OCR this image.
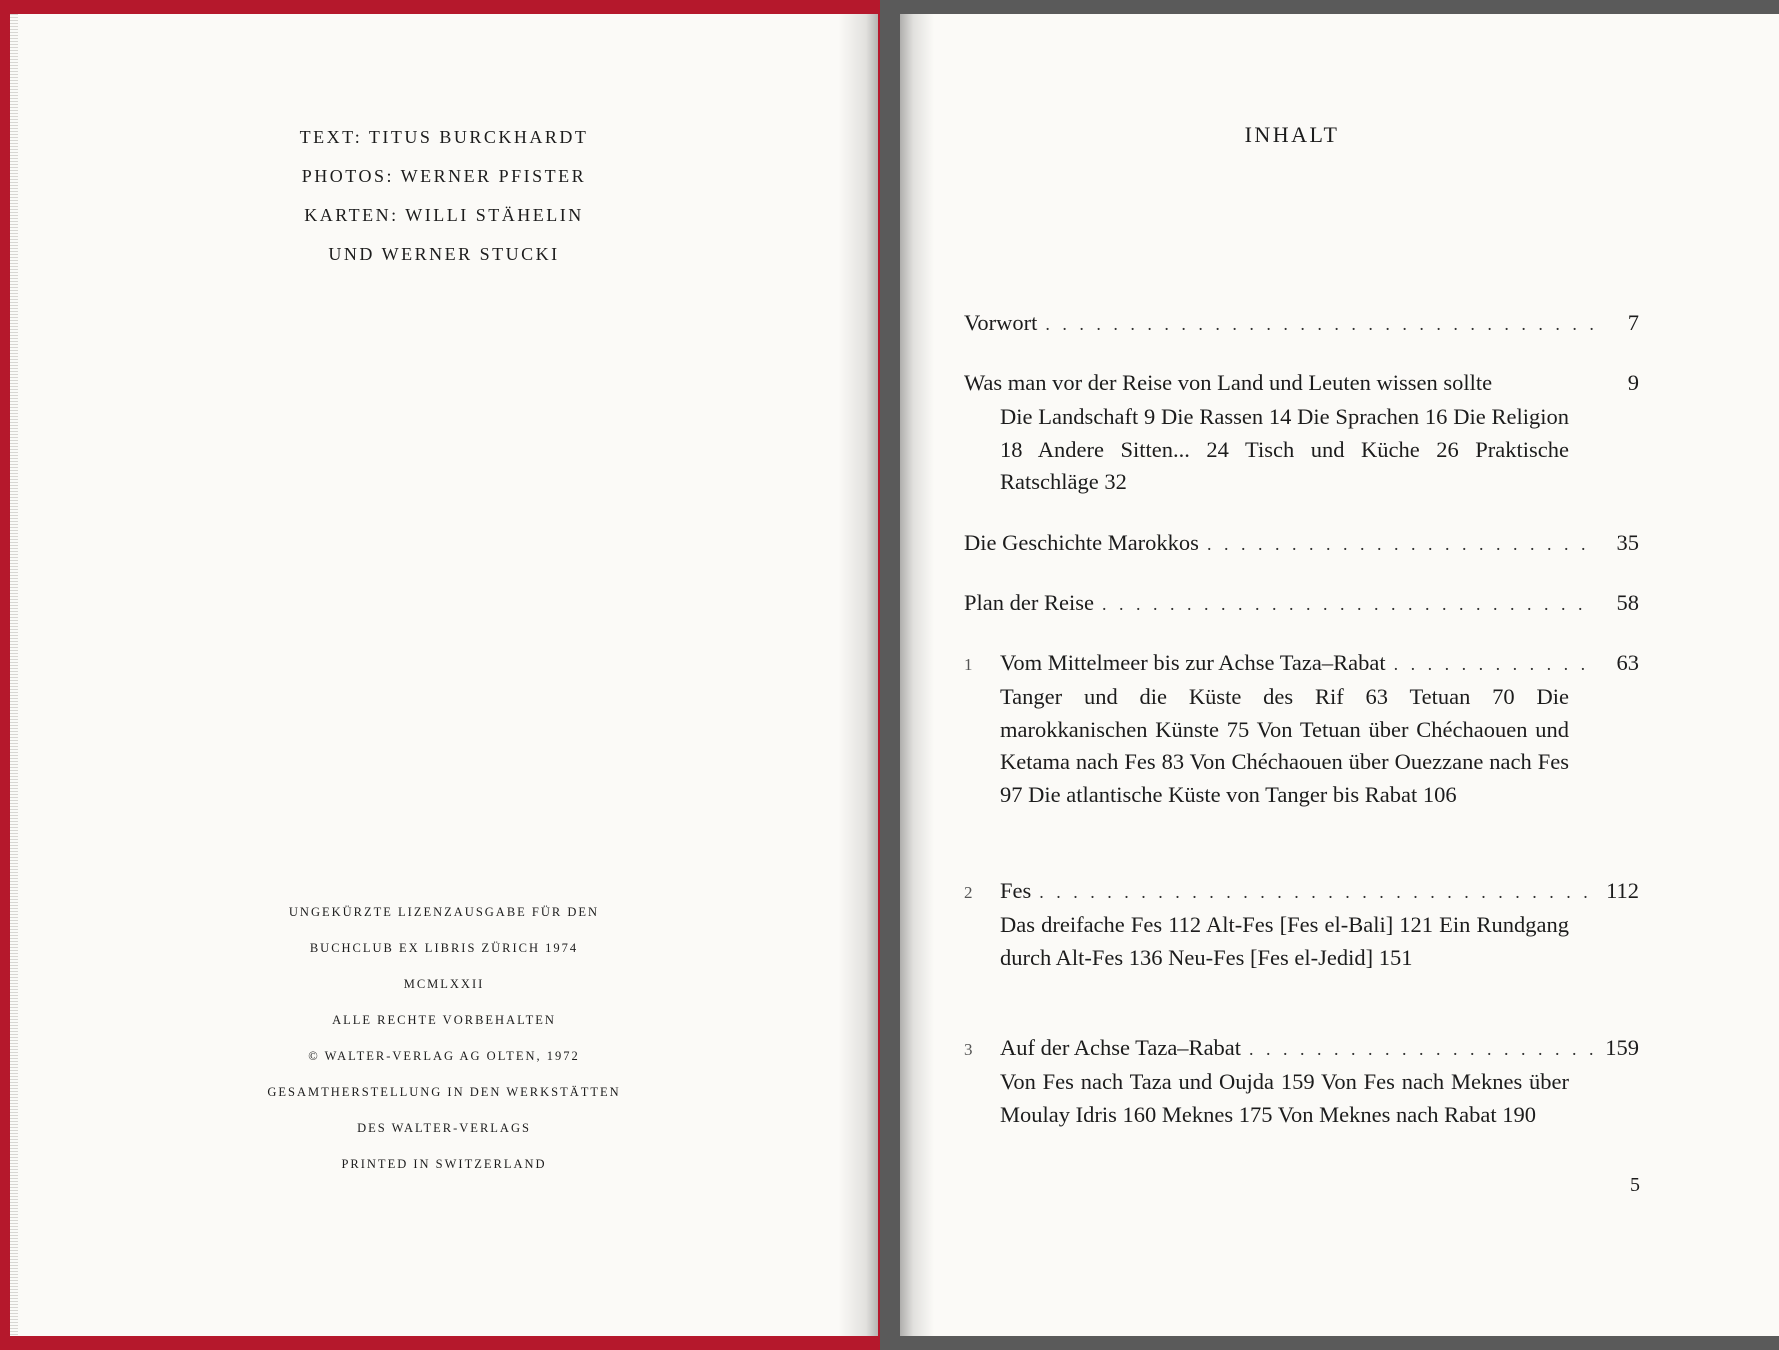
TEXT: TITUS BURCKHARDT
PHOTOS: WERNER PFISTER
KARTEN: WILLI STÄHELIN
UND WERNER STUCKI
UNGEKÜRZTE LIZENZAUSGABE FÜR DEN
BUCHCLUB EX LIBRIS ZÜRICH 1974
MCMLXXII
ALLE RECHTE VORBEHALTEN
© WALTER-VERLAG AG OLTEN, 1972
GESAMTHERSTELLUNG IN DEN WERKSTÄTTEN
DES WALTER-VERLAGS
PRINTED IN SWITZERLAND
INHALT
Vorwort . . .	7
Was man vor der Reise von Land und Leuten wissen sollte	9
Die Landschaft 9 Die Rassen 14 Die Sprachen 16 Die Religion 18 Andere Sitten... 24 Tisch und Küche 26 Praktische Ratschläge 32
Die Geschichte Marokkos . . .	35
Plan der Reise . . .	58
1	Vom Mittelmeer bis zur Achse Taza–Rabat . . .	63
Tanger und die Küste des Rif 63 Tetuan 70 Die marokkanischen Künste 75 Von Tetuan über Chéchaouen und Ketama nach Fes 83 Von Chéchaouen über Ouezzane nach Fes 97 Die atlantische Küste von Tanger bis Rabat 106
2	Fes . . .	112
Das dreifache Fes 112 Alt-Fes [Fes el-Bali] 121 Ein Rundgang durch Alt-Fes 136 Neu-Fes [Fes el-Jedid] 151
3	Auf der Achse Taza–Rabat . . .	159
Von Fes nach Taza und Oujda 159 Von Fes nach Meknes über Moulay Idris 160 Meknes 175 Von Meknes nach Rabat 190
5
